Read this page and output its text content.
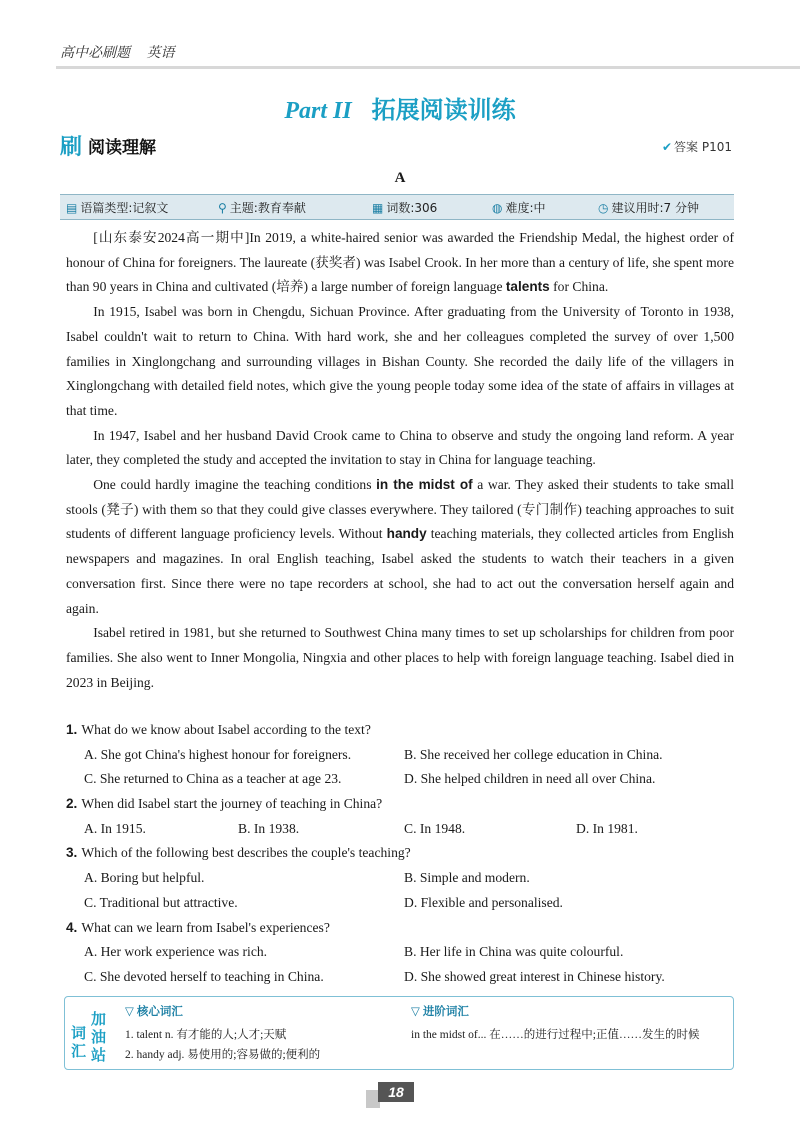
高中必刷题 英语
Part II 拓展阅读训练
刷 阅读理解	✔ 答案 P101
A
▤ 语篇类型:记叙文	⚲ 主题:教育奉献	▦ 词数:306	◍ 难度:中	◷ 建议用时:7 分钟

[山东泰安2024高一期中]In 2019, a white-haired senior was awarded the Friendship Medal, the highest order of honour of China for foreigners. The laureate (获奖者) was Isabel Crook. In her more than a century of life, she spent more than 90 years in China and cultivated (培养) a large number of foreign language talents for China.

In 1915, Isabel was born in Chengdu, Sichuan Province. After graduating from the University of Toronto in 1938, Isabel couldn't wait to return to China. With hard work, she and her colleagues completed the survey of over 1,500 families in Xinglongchang and surrounding villages in Bishan County. She recorded the daily life of the villagers in Xinglongchang with detailed field notes, which give the young people today some idea of the state of affairs in villages at that time.

In 1947, Isabel and her husband David Crook came to China to observe and study the ongoing land reform. A year later, they completed the study and accepted the invitation to stay in China for language teaching.

One could hardly imagine the teaching conditions in the midst of a war. They asked their students to take small stools (凳子) with them so that they could give classes everywhere. They tailored (专门制作) teaching approaches to suit students of different language proficiency levels. Without handy teaching materials, they collected articles from English newspapers and magazines. In oral English teaching, Isabel asked the students to watch their teachers in a given conversation first. Since there were no tape recorders at school, she had to act out the conversation herself again and again.

Isabel retired in 1981, but she returned to Southwest China many times to set up scholarships for children from poor families. She also went to Inner Mongolia, Ningxia and other places to help with foreign language teaching. Isabel died in 2023 in Beijing.

1. What do we know about Isabel according to the text?
A. She got China's highest honour for foreigners.	B. She received her college education in China.
C. She returned to China as a teacher at age 23.	D. She helped children in need all over China.
2. When did Isabel start the journey of teaching in China?
A. In 1915.	B. In 1938.	C. In 1948.	D. In 1981.
3. Which of the following best describes the couple's teaching?
A. Boring but helpful.	B. Simple and modern.
C. Traditional but attractive.	D. Flexible and personalised.
4. What can we learn from Isabel's experiences?
A. Her work experience was rich.	B. Her life in China was quite colourful.
C. She devoted herself to teaching in China.	D. She showed great interest in Chinese history.
词
汇
加
油
站
▽ 核心词汇
1. talent n. 有才能的人;人才;天赋
2. handy adj. 易使用的;容易做的;便利的
▽ 进阶词汇
in the midst of... 在……的进行过程中;正值……发生的时候
18
